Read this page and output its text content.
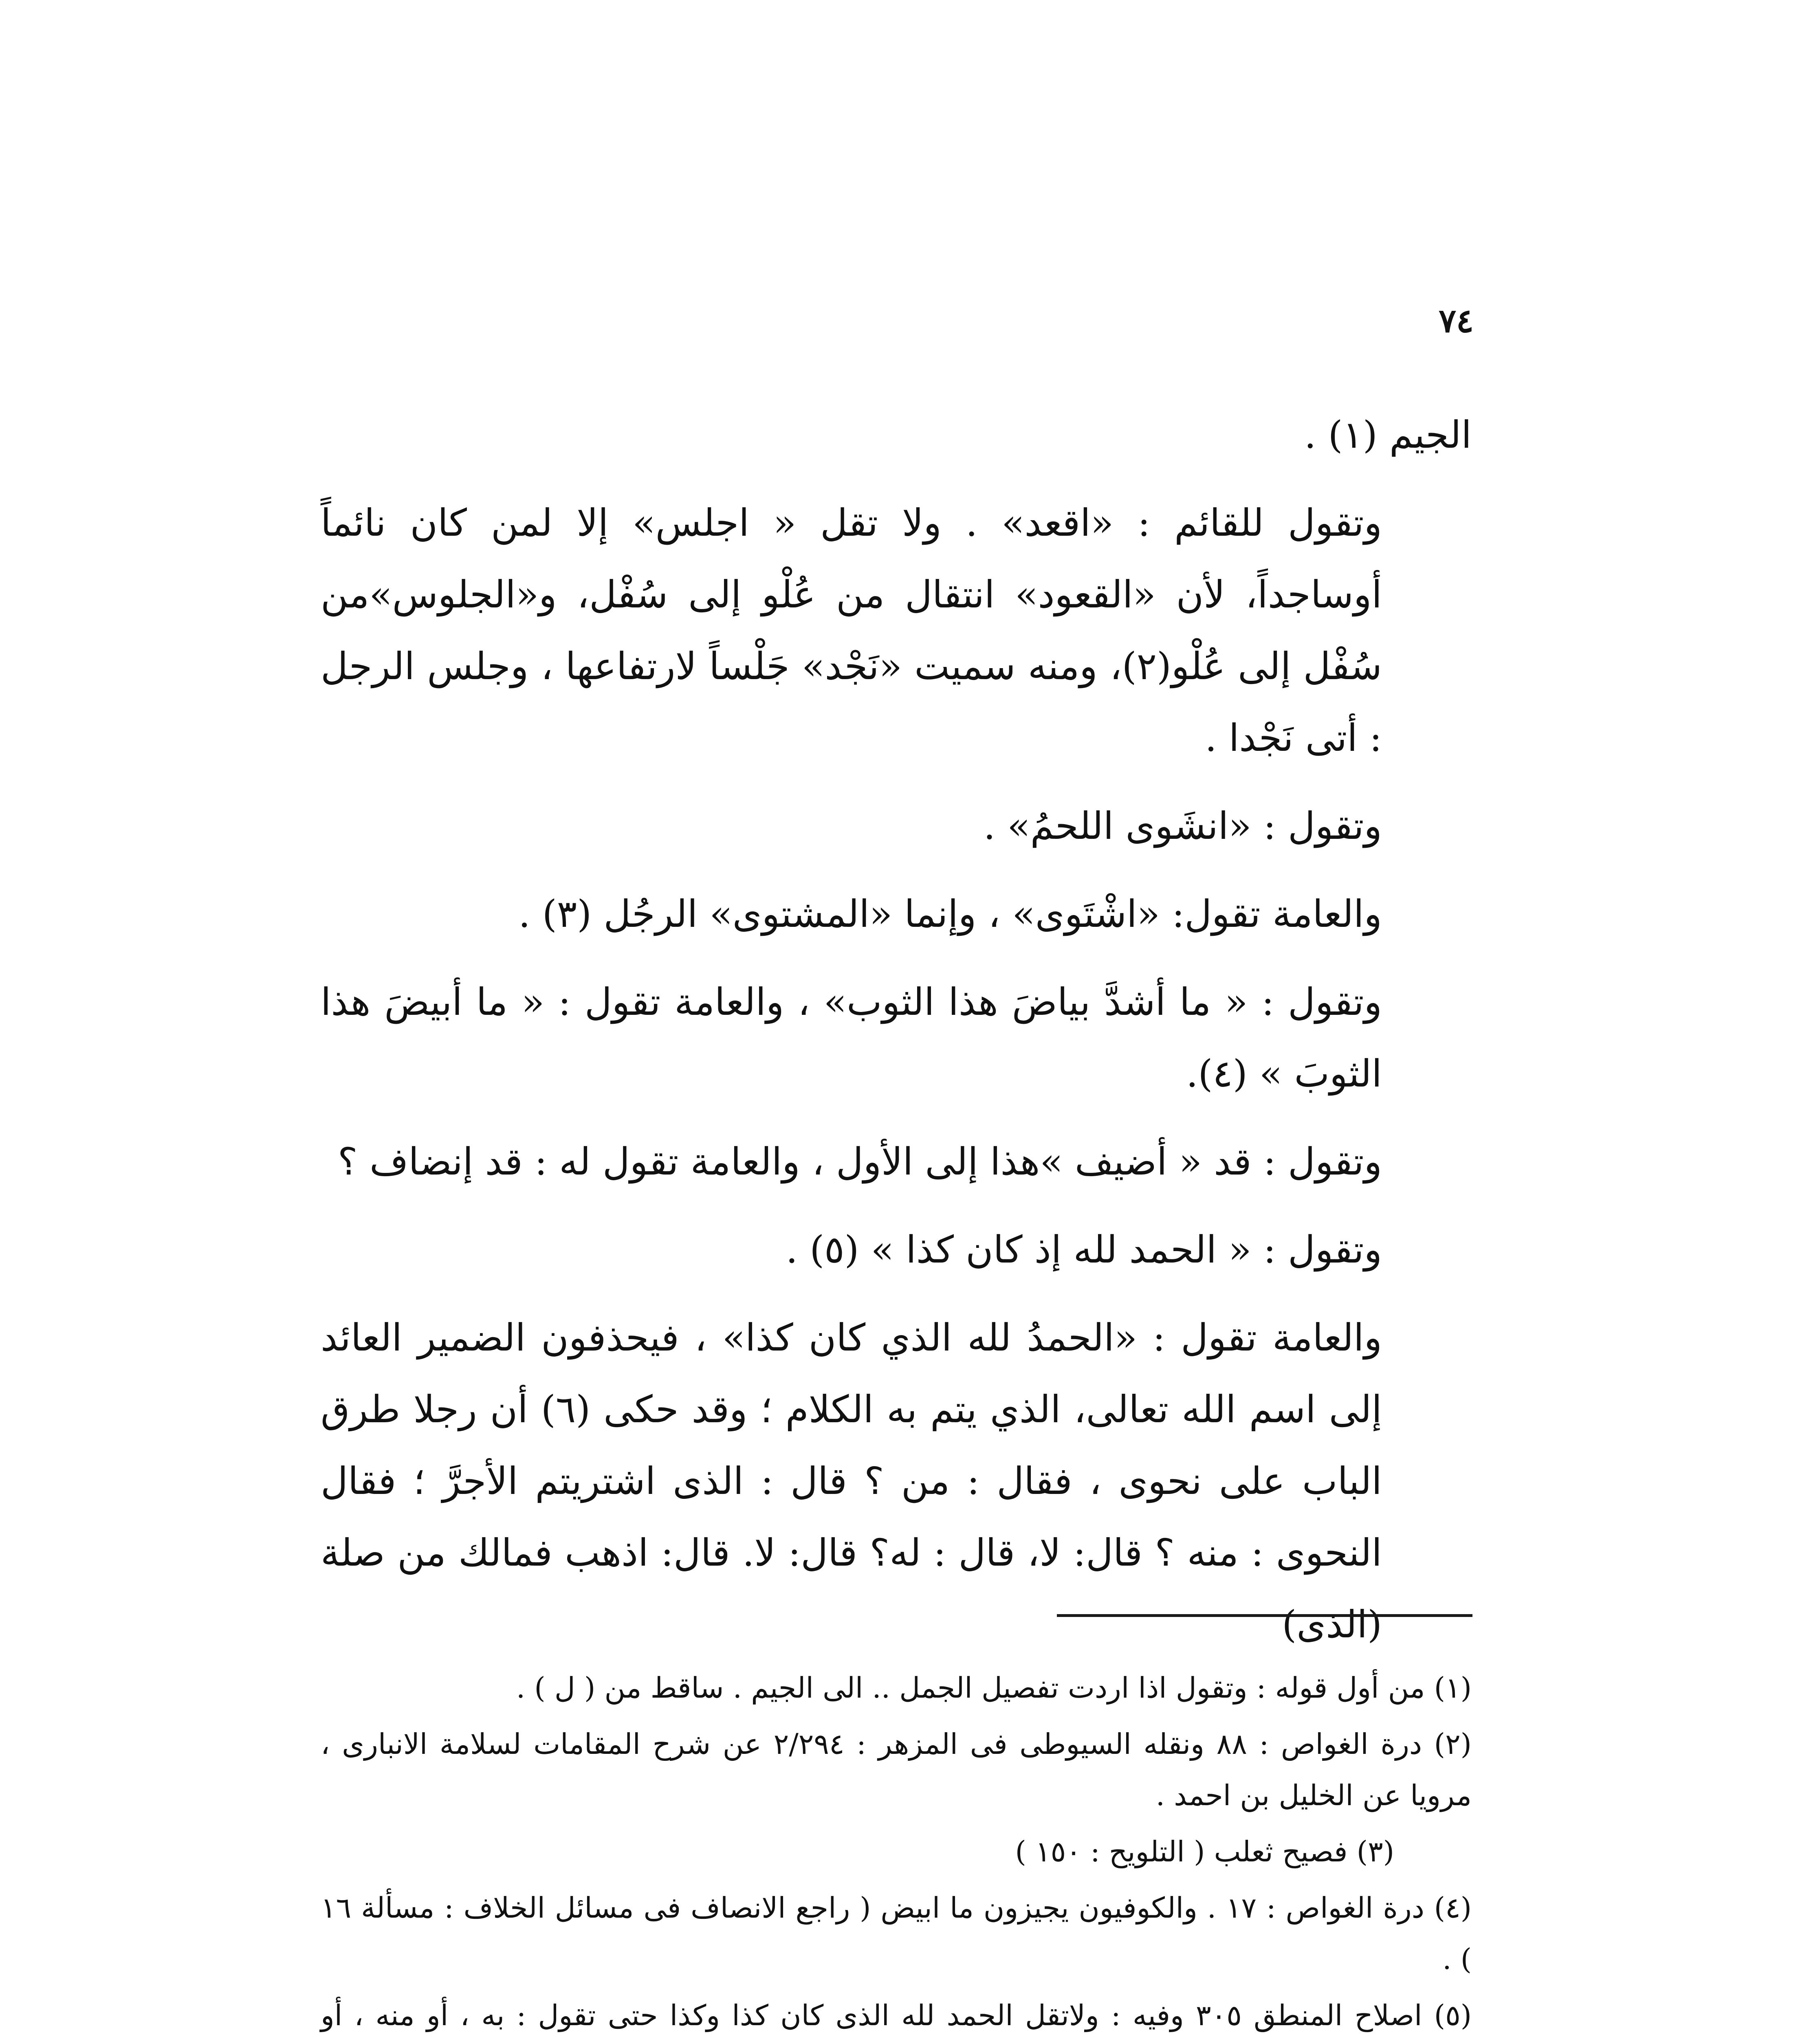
٧٤

الجيم (١) .

وتقول للقائم : «اقعد» . ولا تقل « اجلس» إلا لمن كان نائماً أوساجداً، لأن «القعود» انتقال من عُلْو إلى سُفْل، و«الجلوس»من سُفْل إلى عُلْو(٢)، ومنه سميت «نَجْد» جَلْساً لارتفاعها ، وجلس الرجل : أتى نَجْدا .

وتقول : «انشَوى اللحمُ» .

والعامة تقول: «اشْتَوى» ، وإنما «المشتوى» الرجُل (٣) .

وتقول : « ما أشدَّ بياضَ هذا الثوب» ، والعامة تقول : « ما أبيضَ هذا الثوبَ » (٤).

وتقول : قد « أضيف »هذا إلى الأول ، والعامة تقول له : قد إنضاف ؟

وتقول : « الحمد لله إذ كان كذا » (٥) .

والعامة تقول : «الحمدُ لله الذي كان كذا» ، فيحذفون الضمير العائد إلى اسم الله تعالى، الذي يتم به الكلام ؛ وقد حكى (٦) أن رجلا طرق الباب على نحوى ، فقال : من ؟ قال : الذى اشتريتم الأجرَّ ؛ فقال النحوى : منه ؟ قال: لا، قال : له؟ قال: لا. قال: اذهب فمالك من صلة (الذى)

(١) من أول قوله : وتقول اذا اردت تفصيل الجمل .. الى الجيم . ساقط من ( ل ) .

(٢) درة الغواص : ٨٨ ونقله السيوطى فى المزهر : ٢/٢٩٤ عن شرح المقامات لسلامة الانبارى ، مرويا عن الخليل بن احمد .

(٣) فصيح ثعلب ( التلويح : ١٥٠ )

(٤) درة الغواص : ١٧ . والكوفيون يجيزون ما ابيض ( راجع الانصاف فى مسائل الخلاف : مسألة ١٦ ) .

(٥) اصلاح المنطق ٣٠٥ وفيه : ولاتقل الحمد لله الذى كان كذا وكذا حتى تقول : به ، أو منه ، أو
